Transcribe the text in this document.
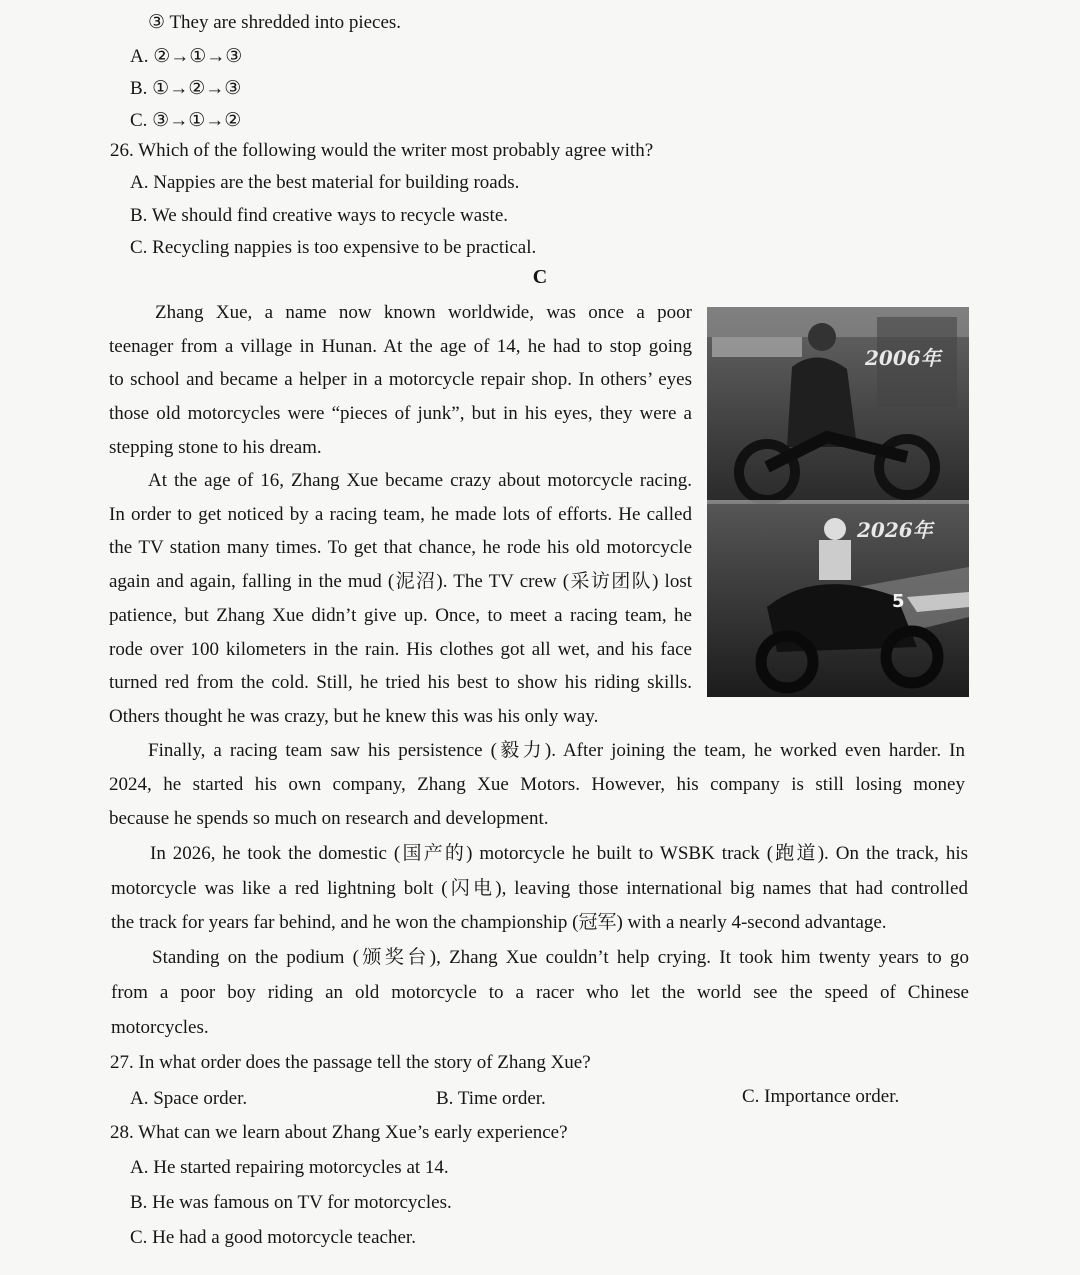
③ They are shredded into pieces.
A. ②→①→③
B. ①→②→③
C. ③→①→②
26. Which of the following would the writer most probably agree with?
A. Nappies are the best material for building roads.
B. We should find creative ways to recycle waste.
C. Recycling nappies is too expensive to be practical.
C
2006年
5
2026年
Zhang Xue, a name now known worldwide, was once a poor
teenager from a village in Hunan. At the age of 14, he had to stop going
to school and became a helper in a motorcycle repair shop. In others’ eyes
those old motorcycles were “pieces of junk”, but in his eyes, they were a
stepping stone to his dream.
At the age of 16, Zhang Xue became crazy about motorcycle racing.
In order to get noticed by a racing team, he made lots of efforts. He called
the TV station many times. To get that chance, he rode his old motorcycle
again and again, falling in the mud (泥沼). The TV crew (采访团队) lost
patience, but Zhang Xue didn’t give up. Once, to meet a racing team, he
rode over 100 kilometers in the rain. His clothes got all wet, and his face
turned red from the cold. Still, he tried his best to show his riding skills.
Others thought he was crazy, but he knew this was his only way.
Finally, a racing team saw his persistence (毅力). After joining the team, he worked even harder. In
2024, he started his own company, Zhang Xue Motors. However, his company is still losing money
because he spends so much on research and development.
In 2026, he took the domestic (国产的) motorcycle he built to WSBK track (跑道). On the track, his
motorcycle was like a red lightning bolt (闪电), leaving those international big names that had controlled
the track for years far behind, and he won the championship (冠军) with a nearly 4-second advantage.
Standing on the podium (颁奖台), Zhang Xue couldn’t help crying. It took him twenty years to go
from a poor boy riding an old motorcycle to a racer who let the world see the speed of Chinese
motorcycles.
27. In what order does the passage tell the story of Zhang Xue?
A. Space order.	B. Time order.	C. Importance order.
28. What can we learn about Zhang Xue’s early experience?
A. He started repairing motorcycles at 14.
B. He was famous on TV for motorcycles.
C. He had a good motorcycle teacher.
